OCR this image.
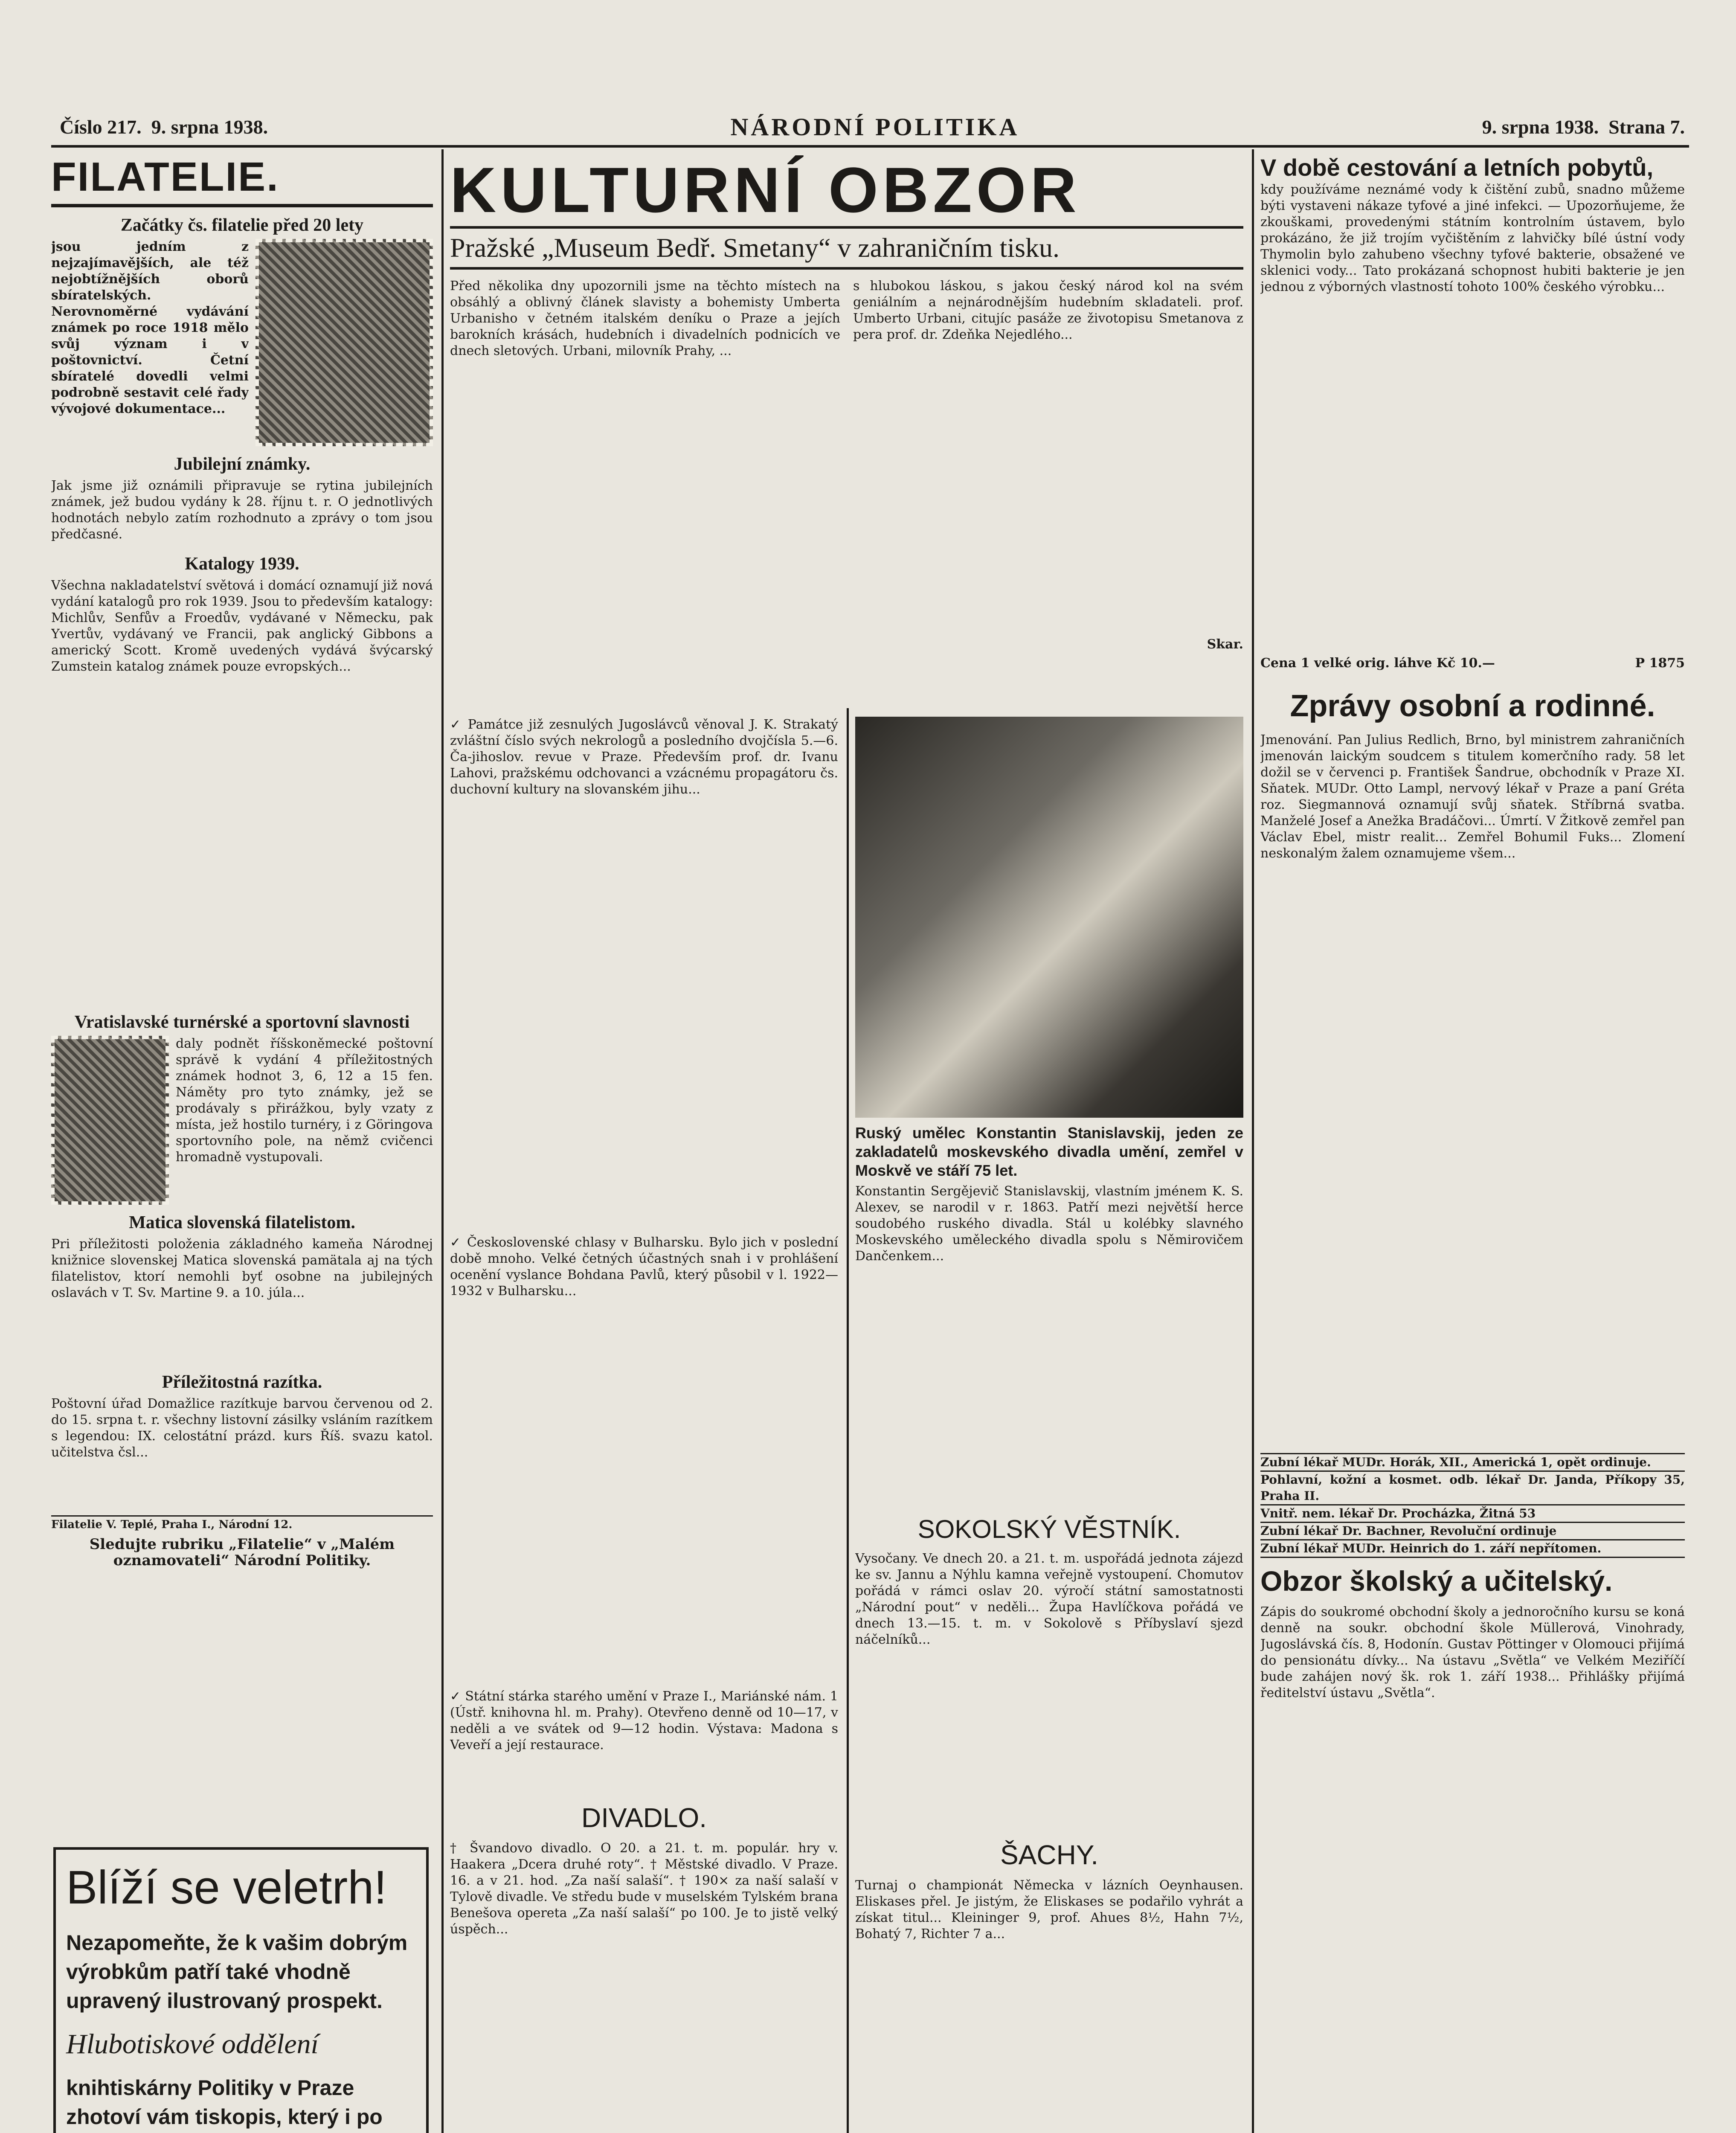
Číslo 217. 9. srpna 1938.	NÁRODNÍ POLITIKA	9. srpna 1938. Strana 7.
FILATELIE.
Začátky čs. filatelie před 20 lety
jsou jedním z nejzajímavějších, ale též nejobtížnějších oborů sbíratelských. Nerovnoměrné vydávání známek po roce 1918 mělo svůj význam i v poštovnictví. Četní sbíratelé dovedli velmi podrobně sestavit celé řady vývojové dokumentace...
Jubilejní známky.
Jak jsme již oznámili připravuje se rytina jubilejních známek, jež budou vydány k 28. říjnu t. r. O jednotlivých hodnotách nebylo zatím rozhodnuto a zprávy o tom jsou předčasné.
Katalogy 1939.
Všechna nakladatelství světová i domácí oznamují již nová vydání katalogů pro rok 1939. Jsou to především katalogy: Michlův, Senfův a Froedův, vydávané v Německu, pak Yvertův, vydávaný ve Francii, pak anglický Gibbons a americký Scott. Kromě uvedených vydává švýcarský Zumstein katalog známek pouze evropských...
Vratislavské turnérské a sportovní slavnosti
daly podnět říšskoněmecké poštovní správě k vydání 4 příležitostných známek hodnot 3, 6, 12 a 15 fen. Náměty pro tyto známky, jež se prodávaly s přirážkou, byly vzaty z místa, jež hostilo turnéry, i z Göringova sportovního pole, na němž cvičenci hromadně vystupovali.
Matica slovenská filatelistom.
Pri příležitosti položenia základného kameňa Národnej knižnice slovenskej Matica slovenská pamätala aj na tých filatelistov, ktorí nemohli byť osobne na jubilejných oslavách v T. Sv. Martine 9. a 10. júla...
Příležitostná razítka.
Poštovní úřad Domažlice razítkuje barvou červenou od 2. do 15. srpna t. r. všechny listovní zásilky vsláním razítkem s legendou: IX. celostátní prázd. kurs Říš. svazu katol. učitelstva čsl...
Filatelie V. Teplé, Praha I., Národní 12.
Sledujte rubriku „Filatelie“ v „Malém oznamovateli“ Národní Politiky.
Blíží se veletrh!
Nezapomeňte, že k vašim dobrým výrobkům patří také vhodně upravený ilustrovaný prospekt.
Hlubotiskové oddělení
knihtiskárny Politiky v Praze zhotoví vám tiskopis, který i po
KULTURNÍ OBZOR
Pražské „Museum Bedř. Smetany“ v zahraničním tisku.
Před několika dny upozornili jsme na těchto místech na obsáhlý a oblivný článek slavisty a bohemisty Umberta Urbanisho v četném italském deníku o Praze a jejích barokních krásách, hudebních i divadelních podnicích ve dnech sletových. Urbani, milovník Prahy, ...
s hlubokou láskou, s jakou český národ kol na svém geniálním a nejnárodnějším hudebním skladateli. prof. Umberto Urbani, citujíc pasáže ze životopisu Smetanova z pera prof. dr. Zdeňka Nejedlého...
Skar.
✓ Památce již zesnulých Jugoslávců věnoval J. K. Strakatý zvláštní číslo svých nekrologů a posledního dvojčísla 5.—6. Ča-jihoslov. revue v Praze. Především prof. dr. Ivanu Lahovi, pražskému odchovanci a vzácnému propagátoru čs. duchovní kultury na slovanském jihu...
✓ Československé chlasy v Bulharsku. Bylo jich v poslední době mnoho. Velké četných účastných snah i v prohlášení ocenění vyslance Bohdana Pavlů, který působil v l. 1922—1932 v Bulharsku...
✓ Státní stárka starého umění v Praze I., Mariánské nám. 1 (Ústř. knihovna hl. m. Prahy). Otevřeno denně od 10—17, v neděli a ve svátek od 9—12 hodin. Výstava: Madona s Veveří a její restaurace.
DIVADLO.
† Švandovo divadlo. O 20. a 21. t. m. populár. hry v. Haakera „Dcera druhé roty“. † Městské divadlo. V Praze. 16. a v 21. hod. „Za naší salaší“. † 190× za naší salaší v Tylově divadle. Ve středu bude v muselském Tylském brana Benešova opereta „Za naší salaší“ po 100. Je to jistě velký úspěch...
Ruský umělec Konstantin Stanislavskij, jeden ze zakladatelů moskevského divadla umění, zemřel v Moskvě ve stáří 75 let.
Konstantin Sergějevič Stanislavskij, vlastním jménem K. S. Alexev, se narodil v r. 1863. Patří mezi největší herce soudobého ruského divadla. Stál u kolébky slavného Moskevského uměleckého divadla spolu s Němirovičem Dančenkem...
SOKOLSKÝ VĚSTNÍK.
Vysočany. Ve dnech 20. a 21. t. m. uspořádá jednota zájezd ke sv. Jannu a Nýhlu kamna veřejně vystoupení. Chomutov pořádá v rámci oslav 20. výročí státní samostatnosti „Národní pout“ v neděli... Župa Havlíčkova pořádá ve dnech 13.—15. t. m. v Sokolově s Příbyslaví sjezd náčelníků...
ŠACHY.
Turnaj o championát Německa v lázních Oeynhausen. Eliskases přel. Je jistým, že Eliskases se podařilo vyhrát a získat titul... Kleininger 9, prof. Ahues 8½, Hahn 7½, Bohatý 7, Richter 7 a...
V době cestování a letních pobytů,
kdy používáme neznámé vody k čištění zubů, snadno můžeme býti vystaveni nákaze tyfové a jiné infekci. — Upozorňujeme, že zkouškami, provedenými státním kontrolním ústavem, bylo prokázáno, že již trojím vyčištěním z lahvičky bílé ústní vody Thymolin bylo zahubeno všechny tyfové bakterie, obsažené ve sklenici vody... Tato prokázaná schopnost hubiti bakterie je jen jednou z výborných vlastností tohoto 100% českého výrobku...
Cena 1 velké orig. láhve Kč 10.—	P 1875
Zprávy osobní a rodinné.
Jmenování. Pan Julius Redlich, Brno, byl ministrem zahraničních jmenován laickým soudcem s titulem komerčního rady. 58 let dožil se v červenci p. František Šandrue, obchodník v Praze XI. Sňatek. MUDr. Otto Lampl, nervový lékař v Praze a paní Gréta roz. Siegmannová oznamují svůj sňatek. Stříbrná svatba. Manželé Josef a Anežka Bradáčovi... Úmrtí. V Žitkově zemřel pan Václav Ebel, mistr realit... Zemřel Bohumil Fuks... Zlomení neskonalým žalem oznamujeme všem...
Zubní lékař MUDr. Horák, XII., Americká 1, opět ordinuje.
Pohlavní, kožní a kosmet. odb. lékař Dr. Janda, Příkopy 35, Praha II.
Vnitř. nem. lékař Dr. Procházka, Žitná 53
Zubní lékař Dr. Bachner, Revoluční ordinuje
Zubní lékař MUDr. Heinrich do 1. září nepřítomen.
Obzor školský a učitelský.
Zápis do soukromé obchodní školy a jednoročního kursu se koná denně na soukr. obchodní škole Müllerová, Vinohrady, Jugoslávská čís. 8, Hodonín. Gustav Pöttinger v Olomouci přijímá do pensionátu dívky... Na ústavu „Světla“ ve Velkém Meziříčí bude zahájen nový šk. rok 1. září 1938... Přihlášky přijímá ředitelství ústavu „Světla“.
